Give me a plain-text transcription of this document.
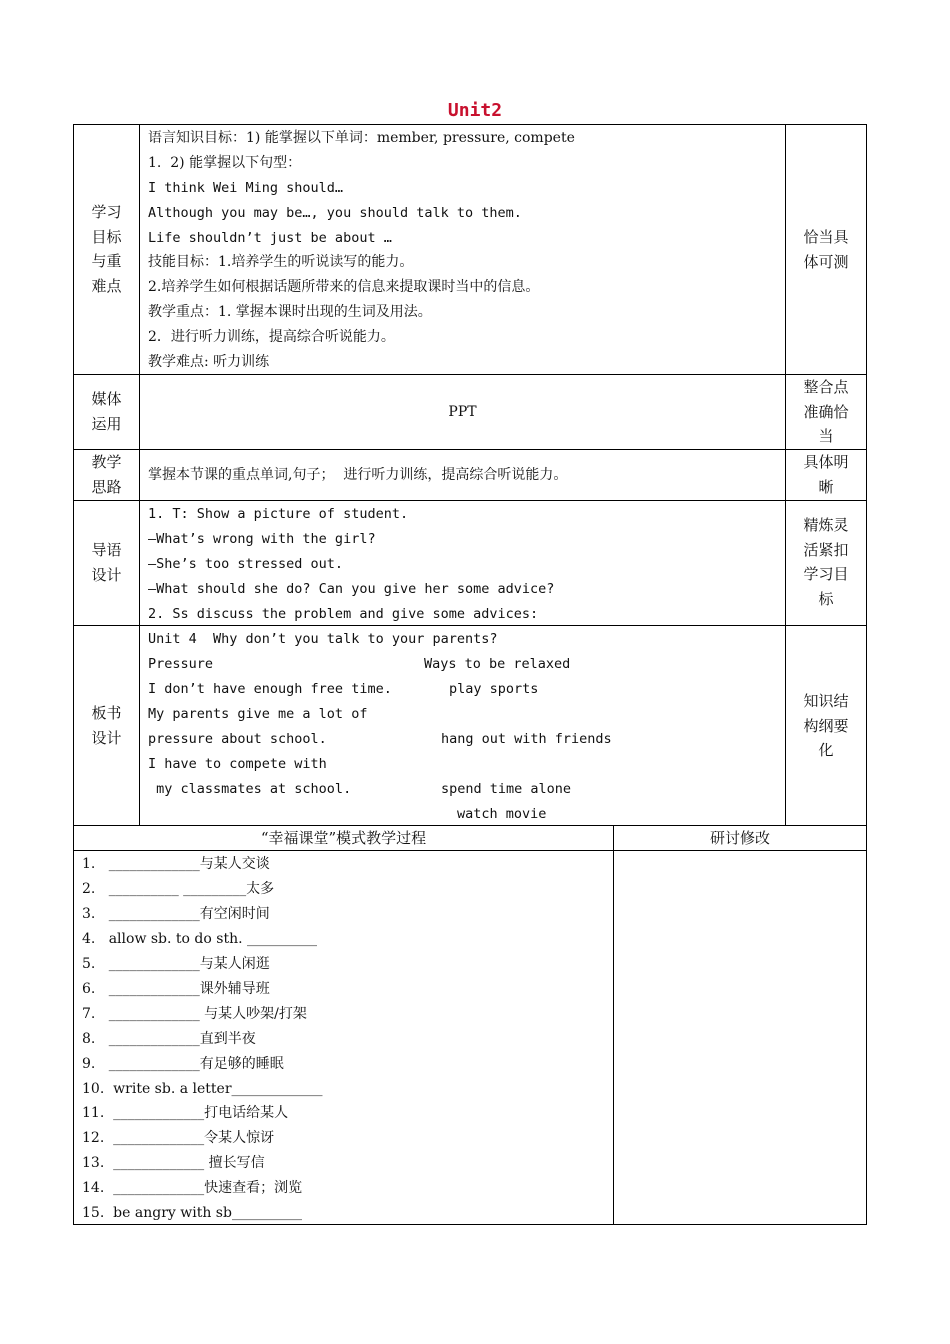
Unit2
学习
目标
与重
难点
语言知识目标：1) 能掌握以下单词：member, pressure, compete
1.  2) 能掌握以下句型：
I think Wei Ming should…
Although you may be…, you should talk to them.
Life shouldn’t just be about …
技能目标：1.培养学生的听说读写的能力。
2.培养学生如何根据话题所带来的信息来提取课时当中的信息。
教学重点：1. 掌握本课时出现的生词及用法。
2．进行听力训练，提高综合听说能力。
教学难点: 听力训练
恰当具
体可测
媒体
运用
PPT
整合点
准确恰
当
教学
思路
掌握本节课的重点单词,句子；  进行听力训练，提高综合听说能力。
具体明
晰
导语
设计
1. T: Show a picture of student.
—What’s wrong with the girl?
—She’s too stressed out.
—What should she do? Can you give her some advice?
2. Ss discuss the problem and give some advices:
精炼灵
活紧扣
学习目
标
板书
设计
Unit 4  Why don’t you talk to your parents?
Pressure
I don’t have enough free time.
My parents give me a lot of
pressure about school.
I have to compete with
my classmates at school.
Ways to be relaxed
play sports
hang out with friends
spend time alone
watch movie
知识结
构纲要
化
“幸福课堂”模式教学过程	研讨修改
1.   _____________与某人交谈
2.   __________ _________太多
3.   _____________有空闲时间
4.   allow sb. to do sth. __________
5.   _____________与某人闲逛
6.   _____________课外辅导班
7.   _____________ 与某人吵架/打架
8.   _____________直到半夜
9.   _____________有足够的睡眠
10.  write sb. a letter_____________
11.  _____________打电话给某人
12.  _____________令某人惊讶
13.  _____________ 擅长写信
14.  _____________快速查看；浏览
15.  be angry with sb__________
